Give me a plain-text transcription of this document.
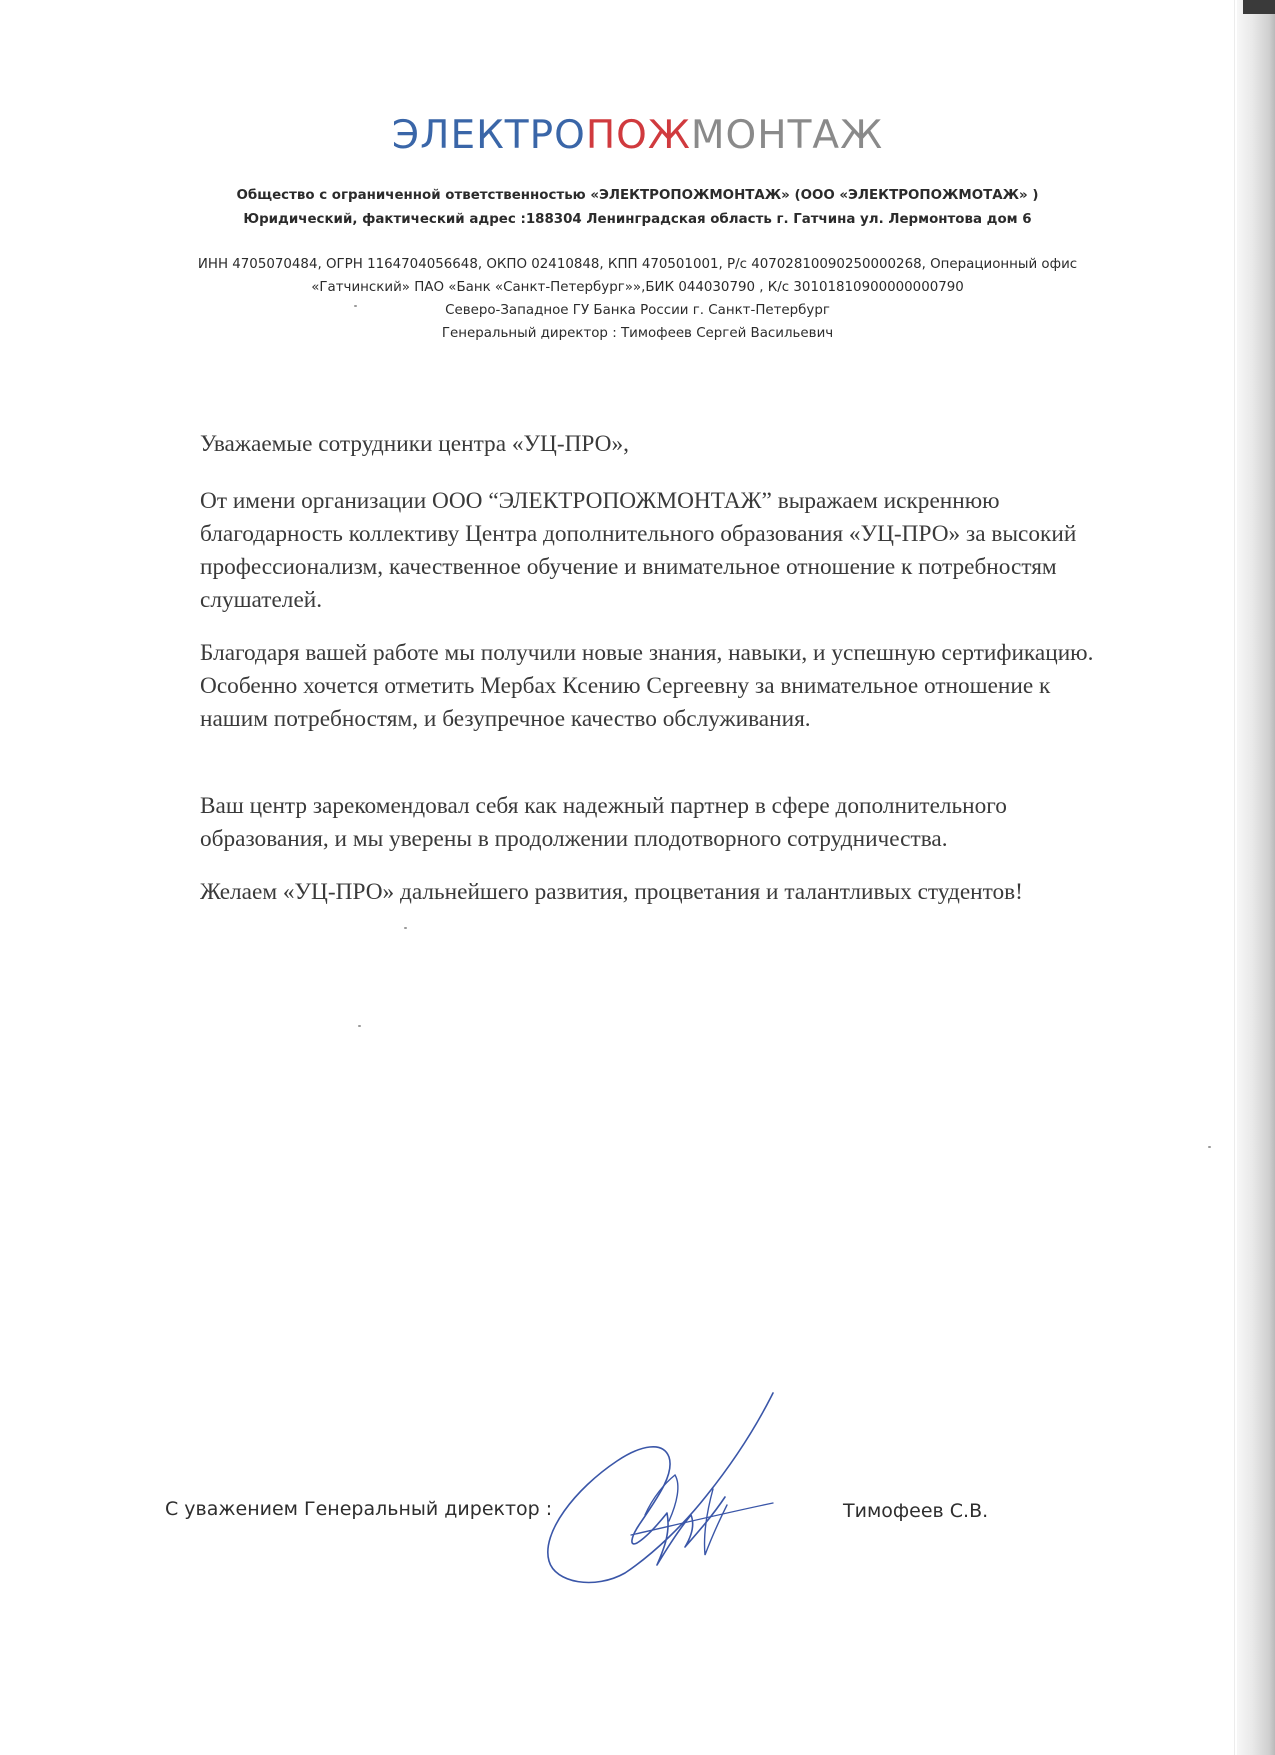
ЭЛЕКТРОПОЖМОНТАЖ
Общество с ограниченной ответственностью «ЭЛЕКТРОПОЖМОНТАЖ» (ООО «ЭЛЕКТРОПОЖМОТАЖ» )
Юридический, фактический адрес :188304 Ленинградская область г. Гатчина ул. Лермонтова дом 6
ИНН 4705070484, ОГРН 1164704056648, ОКПО 02410848, КПП 470501001, Р/с 40702810090250000268, Операционный офис
«Гатчинский» ПАО «Банк «Санкт-Петербург»»,БИК 044030790 , К/с 30101810900000000790
Северо-Западное ГУ Банка России г. Санкт-Петербург
Генеральный директор : Тимофеев Сергей Васильевич

Уважаемые сотрудники центра «УЦ-ПРО»,

От имени организации ООО “ЭЛЕКТРОПОЖМОНТАЖ” выражаем искреннюю благодарность коллективу Центра дополнительного образования «УЦ-ПРО» за высокий профессионализм, качественное обучение и внимательное отношение к потребностям слушателей.

Благодаря вашей работе мы получили новые знания, навыки, и успешную сертификацию. Особенно хочется отметить Мербах Ксению Сергеевну за внимательное отношение к нашим потребностям, и безупречное качество обслуживания.

Ваш центр зарекомендовал себя как надежный партнер в сфере дополнительного образования, и мы уверены в продолжении плодотворного сотрудничества.

Желаем «УЦ-ПРО» дальнейшего развития, процветания и талантливых студентов!

С уважением Генеральный директор :	Тимофеев С.В.
